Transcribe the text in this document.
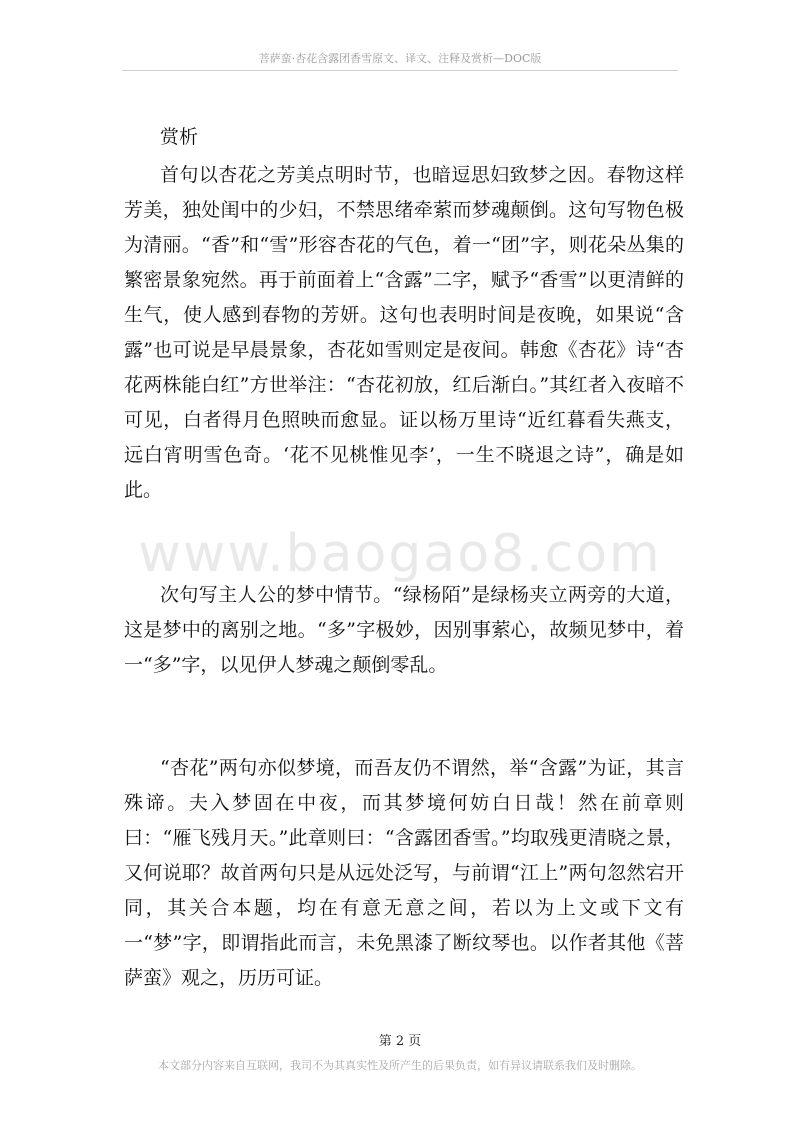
菩萨蛮·杏花含露团香雪原文、译文、注释及赏析—DOC版
www.baogao8.com

赏析

首句以杏花之芳美点明时节，也暗逗思妇致梦之因。春物这样芳美，独处闺中的少妇，不禁思绪牵萦而梦魂颠倒。这句写物色极为清丽。“香”和“雪”形容杏花的气色，着一“团”字，则花朵丛集的繁密景象宛然。再于前面着上“含露”二字，赋予“香雪”以更清鲜的生气，使人感到春物的芳妍。这句也表明时间是夜晚，如果说“含露”也可说是早晨景象，杏花如雪则定是夜间。韩愈《杏花》诗“杏花两株能白红”方世举注：“杏花初放，红后渐白。”其红者入夜暗不可见，白者得月色照映而愈显。证以杨万里诗“近红暮看失燕支，远白宵明雪色奇。‘花不见桃惟见李’，一生不晓退之诗”，确是如此。

次句写主人公的梦中情节。“绿杨陌”是绿杨夹立两旁的大道，这是梦中的离别之地。“多”字极妙，因别事萦心，故频见梦中，着一“多”字，以见伊人梦魂之颠倒零乱。

“杏花”两句亦似梦境，而吾友仍不谓然，举“含露”为证，其言殊谛。夫入梦固在中夜，而其梦境何妨白日哉！然在前章则曰：“雁飞残月天。”此章则曰：“含露团香雪。”均取残更清晓之景，又何说耶？故首两句只是从远处泛写，与前谓“江上”两句忽然宕开同，其关合本题，均在有意无意之间，若以为上文或下文有一“梦”字，即谓指此而言，未免黑漆了断纹琴也。以作者其他《菩萨蛮》观之，历历可证。

第 2 页
本文部分内容来自互联网，我司不为其真实性及所产生的后果负责，如有异议请联系我们及时删除。
